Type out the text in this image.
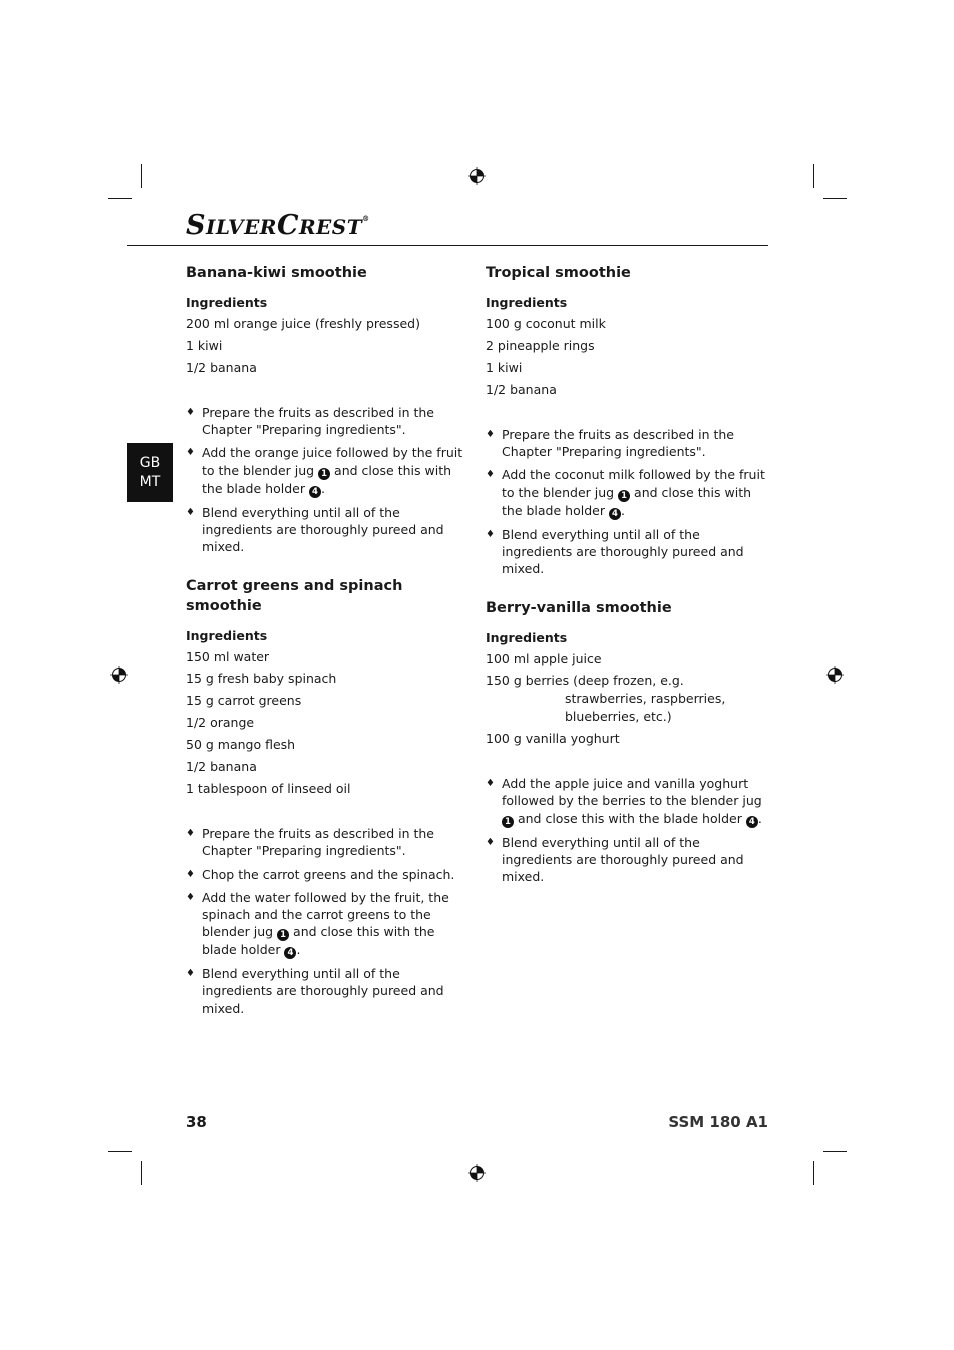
SILVERCREST®
GB
MT
Banana-kiwi smoothie
Ingredients
200 ml orange juice (freshly pressed)
1 kiwi
1/2 banana
♦ Prepare the fruits as described in the Chapter "Preparing ingredients".
♦ Add the orange juice followed by the fruit to the blender jug 1 and close this with the blade holder 4 .
♦ Blend everything until all of the ingredients are thoroughly pureed and mixed.
Carrot greens and spinach smoothie
Ingredients
150 ml water
15 g fresh baby spinach
15 g carrot greens
1/2 orange
50 g mango flesh
1/2 banana
1 tablespoon of linseed oil
♦ Prepare the fruits as described in the Chapter "Preparing ingredients".
♦ Chop the carrot greens and the spinach.
♦ Add the water followed by the fruit, the spinach and the carrot greens to the blender jug 1 and close this with the blade holder 4 .
♦ Blend everything until all of the ingredients are thoroughly pureed and mixed.
Tropical smoothie
Ingredients
100 g coconut milk
2 pineapple rings
1 kiwi
1/2 banana
♦ Prepare the fruits as described in the Chapter "Preparing ingredients".
♦ Add the coconut milk followed by the fruit to the blender jug 1 and close this with the blade holder 4 .
♦ Blend everything until all of the ingredients are thoroughly pureed and mixed.
Berry-vanilla smoothie
Ingredients
100 ml apple juice
150 g berries (deep frozen, e.g. strawberries, raspberries, blueberries, etc.)
100 g vanilla yoghurt
♦ Add the apple juice and vanilla yoghurt followed by the berries to the blender jug 1 and close this with the blade holder 4 .
♦ Blend everything until all of the ingredients are thoroughly pureed and mixed.
38	SSM 180 A1
